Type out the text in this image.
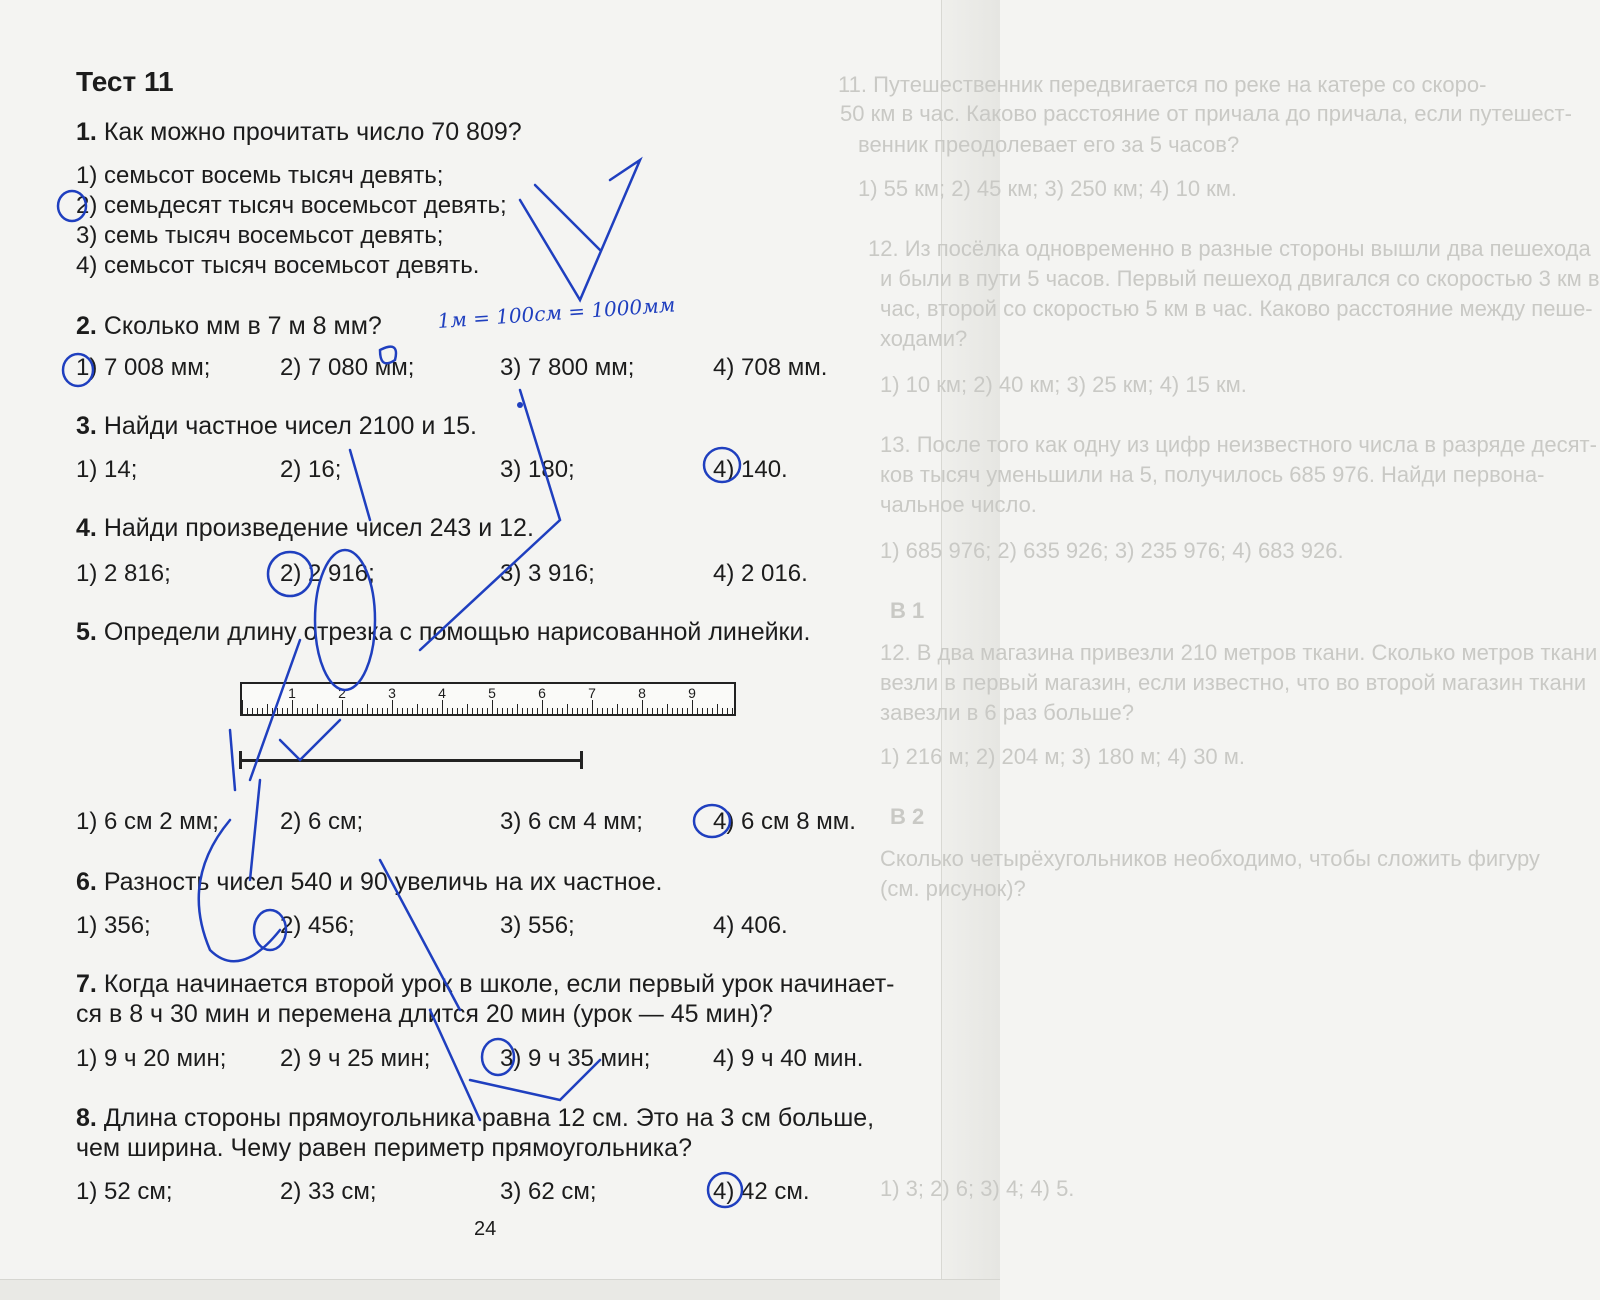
11. Путешественник передвигается по реке на катере со скоро-
50 км в час. Каково расстояние от причала до причала, если путешест-
венник преодолевает его за 5 часов?
1) 55 км; 2) 45 км; 3) 250 км; 4) 10 км.
12. Из посёлка одновременно в разные стороны вышли два пешехода
и были в пути 5 часов. Первый пешеход двигался со скоростью 3 км в
час, второй со скоростью 5 км в час. Каково расстояние между пеше-
ходами?
1) 10 км; 2) 40 км; 3) 25 км; 4) 15 км.
13. После того как одну из цифр неизвестного числа в разряде десят-
ков тысяч уменьшили на 5, получилось 685 976. Найди первона-
чальное число.
1) 685 976; 2) 635 926; 3) 235 976; 4) 683 926.
В 1
12. В два магазина привезли 210 метров ткани. Сколько метров ткани
везли в первый магазин, если известно, что во второй магазин ткани
завезли в 6 раз больше?
1) 216 м; 2) 204 м; 3) 180 м; 4) 30 м.
В 2
Сколько четырёхугольников необходимо, чтобы сложить фигуру
(см. рисунок)?
1) 3; 2) 6; 3) 4; 4) 5.
Тест 11
1. Как можно прочитать число 70 809?
1) семьсот восемь тысяч девять;
2) семьдесят тысяч восемьсот девять;
3) семь тысяч восемьсот девять;
4) семьсот тысяч восемьсот девять.
2. Сколько мм в 7 м 8 мм?
1) 7 008 мм;	2) 7 080 мм;	3) 7 800 мм;	4) 708 мм.
3. Найди частное чисел 2100 и 15.
1) 14;	2) 16;	3) 180;	4) 140.
4. Найди произведение чисел 243 и 12.
1) 2 816;	2) 2 916;	3) 3 916;	4) 2 016.
5. Определи длину отрезка с помощью нарисованной линейки.
1	2	3	4	5	6	7	8	9
1) 6 см 2 мм;	2) 6 см;	3) 6 см 4 мм;	4) 6 см 8 мм.
6. Разность чисел 540 и 90 увеличь на их частное.
1) 356;	2) 456;	3) 556;	4) 406.
7. Когда начинается второй урок в школе, если первый урок начинает-
ся в 8 ч 30 мин и перемена длится 20 мин (урок — 45 мин)?
1) 9 ч 20 мин; 2) 9 ч 25 мин;	3) 9 ч 35 мин;	4) 9 ч 40 мин.
8. Длина стороны прямоугольника равна 12 см. Это на 3 см больше,
чем ширина. Чему равен периметр прямоугольника?
1) 52 см;	2) 33 см;	3) 62 см;	4) 42 см.
24
1м = 100см = 1000мм
